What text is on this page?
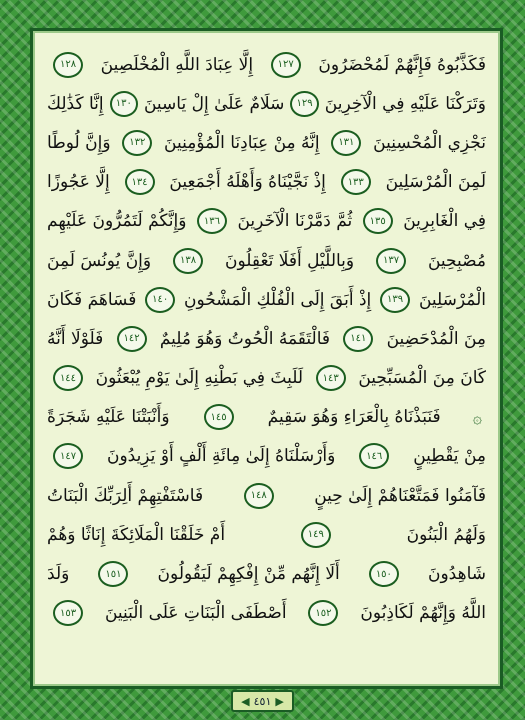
فَكَذَّبُوهُ فَإِنَّهُمْ لَمُحْضَرُونَ
١٢٧
إِلَّا عِبَادَ اللَّهِ الْمُخْلَصِينَ
١٢٨
وَتَرَكْنَا عَلَيْهِ فِي الْآخِرِينَ
١٢٩
سَلَامٌ عَلَىٰ إِلْ يَاسِينَ
١٣٠
إِنَّا كَذَٰلِكَ
نَجْزِي الْمُحْسِنِينَ
١٣١
إِنَّهُ مِنْ عِبَادِنَا الْمُؤْمِنِينَ
١٣٢
وَإِنَّ لُوطًا
لَمِنَ الْمُرْسَلِينَ
١٣٣
إِذْ نَجَّيْنَاهُ وَأَهْلَهُ أَجْمَعِينَ
١٣٤
إِلَّا عَجُوزًا
فِي الْغَابِرِينَ
١٣٥
ثُمَّ دَمَّرْنَا الْآخَرِينَ
١٣٦
وَإِنَّكُمْ لَتَمُرُّونَ عَلَيْهِم
مُصْبِحِينَ
١٣٧
وَبِاللَّيْلِ أَفَلَا تَعْقِلُونَ
١٣٨
وَإِنَّ يُونُسَ لَمِنَ
الْمُرْسَلِينَ
١٣٩
إِذْ أَبَقَ إِلَى الْفُلْكِ الْمَشْحُونِ
١٤٠
فَسَاهَمَ فَكَانَ
مِنَ الْمُدْحَضِينَ
١٤١
فَالْتَقَمَهُ الْحُوتُ وَهُوَ مُلِيمٌ
١٤٢
فَلَوْلَا أَنَّهُ
كَانَ مِنَ الْمُسَبِّحِينَ
١٤٣
لَلَبِثَ فِي بَطْنِهِ إِلَىٰ يَوْمِ يُبْعَثُونَ
١٤٤
۞
فَنَبَذْنَاهُ بِالْعَرَاءِ وَهُوَ سَقِيمٌ
١٤٥
وَأَنْبَتْنَا عَلَيْهِ شَجَرَةً
مِنْ يَقْطِينٍ
١٤٦
وَأَرْسَلْنَاهُ إِلَىٰ مِائَةِ أَلْفٍ أَوْ يَزِيدُونَ
١٤٧
فَآمَنُوا فَمَتَّعْنَاهُمْ إِلَىٰ حِينٍ
١٤٨
فَاسْتَفْتِهِمْ أَلِرَبِّكَ الْبَنَاتُ
وَلَهُمُ الْبَنُونَ
١٤٩
أَمْ خَلَقْنَا الْمَلَائِكَةَ إِنَاثًا وَهُمْ
شَاهِدُونَ
١٥٠
أَلَا إِنَّهُم مِّنْ إِفْكِهِمْ لَيَقُولُونَ
١٥١
وَلَدَ
اللَّهُ وَإِنَّهُمْ لَكَاذِبُونَ
١٥٢
أَصْطَفَى الْبَنَاتِ عَلَى الْبَنِينَ
١٥٣
◀ ٤٥١ ▶
